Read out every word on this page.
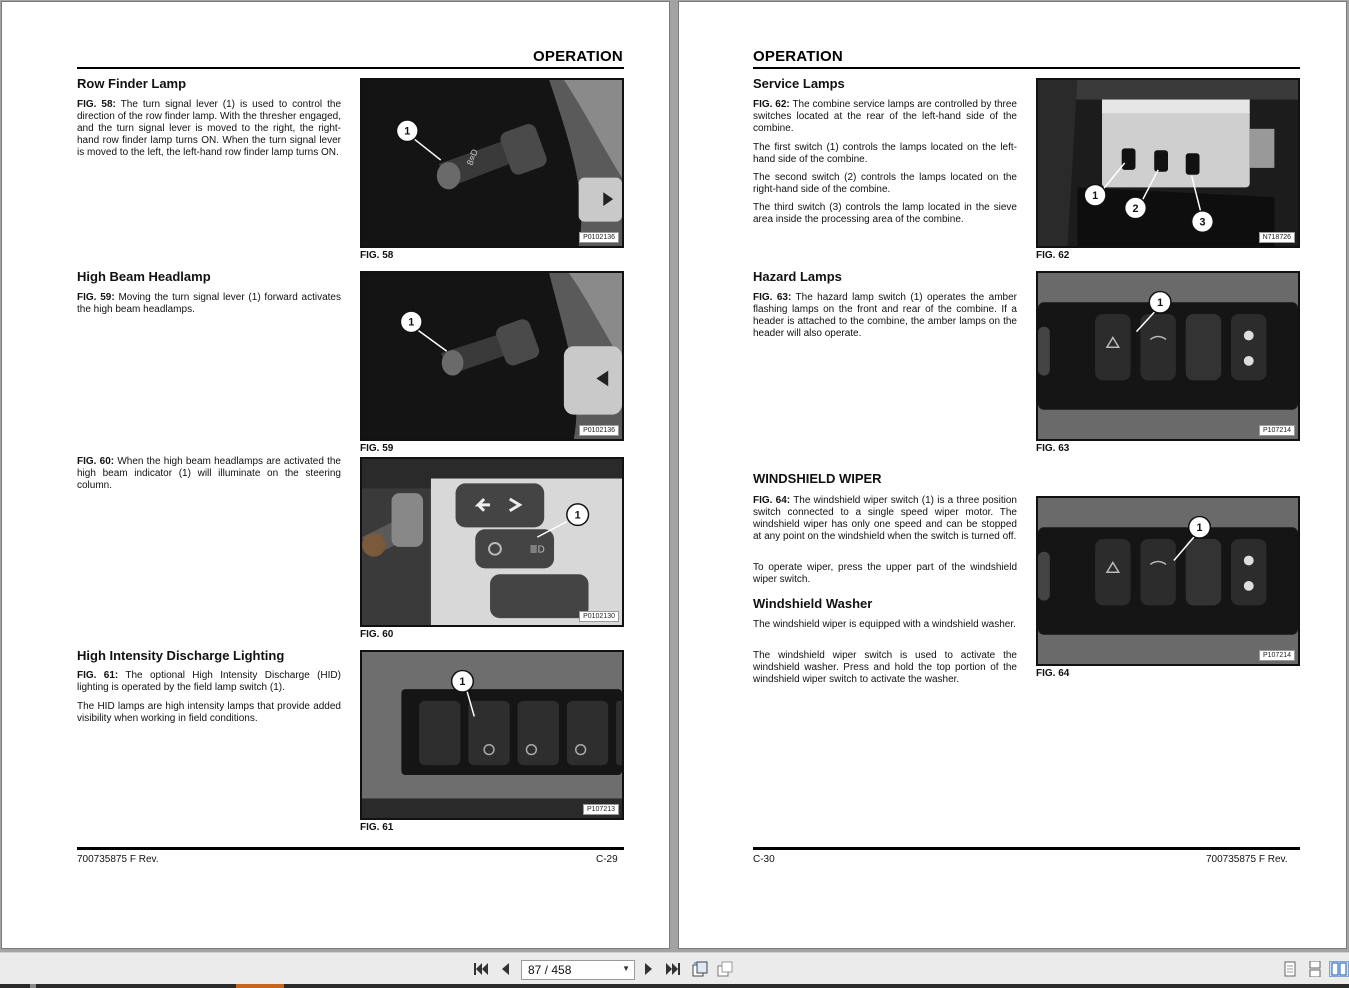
OPERATION
Row Finder Lamp
FIG. 58: The turn signal lever (1) is used to control the direction of the row finder lamp. With the thresher engaged, and the turn signal lever is moved to the right, the right-hand row finder lamp turns ON. When the turn signal lever is moved to the left, the left-hand row finder lamp turns ON.	8≡D
1
P0102136
FIG. 58
High Beam Headlamp
FIG. 59: Moving the turn signal lever (1) forward activates the high beam headlamps.
1
P0102136
FIG. 59
FIG. 60: When the high beam headlamps are activated the high beam indicator (1) will illuminate on the steering column.
≣D
1
P0102130
FIG. 60
High Intensity Discharge Lighting
FIG. 61: The optional High Intensity Discharge (HID) lighting is operated by the field lamp switch (1).
The HID lamps are high intensity lamps that provide added visibility when working in field conditions.
1
P107213
FIG. 61
700735875 F Rev.	C-29
OPERATION
Service Lamps
FIG. 62: The combine service lamps are controlled by three switches located at the rear of the left-hand side of the combine.
The first switch (1) controls the lamps located on the left-hand side of the combine.
The second switch (2) controls the lamps located on the right-hand side of the combine.
The third switch (3) controls the lamp located in the sieve area inside the processing area of the combine.
1
2
3
N718726
FIG. 62
Hazard Lamps
FIG. 63: The hazard lamp switch (1) operates the amber flashing lamps on the front and rear of the combine. If a header is attached to the combine, the amber lamps on the header will also operate.
1
P107214
FIG. 63
WINDSHIELD WIPER
FIG. 64: The windshield wiper switch (1) is a three position switch connected to a single speed wiper motor. The windshield wiper has only one speed and can be stopped at any point on the windshield when the switch is turned off.
To operate wiper, press the upper part of the windshield wiper switch.
1
P107214
FIG. 64
Windshield Washer
The windshield wiper is equipped with a windshield washer.
The windshield wiper switch is used to activate the windshield washer. Press and hold the top portion of the windshield wiper switch to activate the washer.
C-30	700735875 F Rev.
87 / 458	▼
